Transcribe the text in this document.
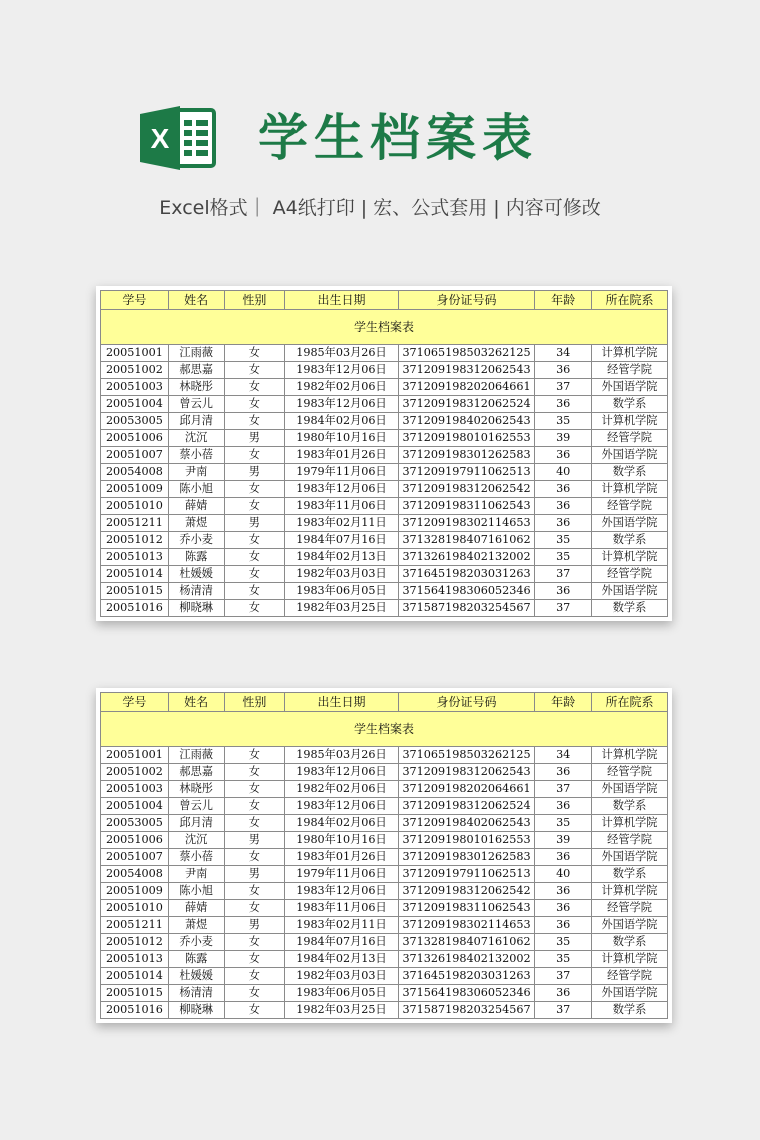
X 学生档案表
Excel格式｜ A4纸打印 | 宏、公式套用 | 内容可修改
学生档案表						
学号	姓名	性别	出生日期	身份证号码	年龄	所在院系
20051001	江雨薇	女	1985年03月26日	371065198503262125	34	计算机学院
20051002	郝思嘉	女	1983年12月06日	371209198312062543	36	经管学院
20051003	林晓彤	女	1982年02月06日	371209198202064661	37	外国语学院
20051004	曾云儿	女	1983年12月06日	371209198312062524	36	数学系
20053005	邱月清	女	1984年02月06日	371209198402062543	35	计算机学院
20051006	沈沉	男	1980年10月16日	371209198010162553	39	经管学院
20051007	蔡小蓓	女	1983年01月26日	371209198301262583	36	外国语学院
20054008	尹南	男	1979年11月06日	371209197911062513	40	数学系
20051009	陈小旭	女	1983年12月06日	371209198312062542	36	计算机学院
20051010	薛婧	女	1983年11月06日	371209198311062543	36	经管学院
20051211	萧煜	男	1983年02月11日	371209198302114653	36	外国语学院
20051012	乔小麦	女	1984年07月16日	371328198407161062	35	数学系
20051013	陈露	女	1984年02月13日	371326198402132002	35	计算机学院
20051014	杜媛媛	女	1982年03月03日	371645198203031263	37	经管学院
20051015	杨清清	女	1983年06月05日	371564198306052346	36	外国语学院
20051016	柳晓琳	女	1982年03月25日	371587198203254567	37	数学系
学生档案表						
学号	姓名	性别	出生日期	身份证号码	年龄	所在院系
20051001	江雨薇	女	1985年03月26日	371065198503262125	34	计算机学院
20051002	郝思嘉	女	1983年12月06日	371209198312062543	36	经管学院
20051003	林晓彤	女	1982年02月06日	371209198202064661	37	外国语学院
20051004	曾云儿	女	1983年12月06日	371209198312062524	36	数学系
20053005	邱月清	女	1984年02月06日	371209198402062543	35	计算机学院
20051006	沈沉	男	1980年10月16日	371209198010162553	39	经管学院
20051007	蔡小蓓	女	1983年01月26日	371209198301262583	36	外国语学院
20054008	尹南	男	1979年11月06日	371209197911062513	40	数学系
20051009	陈小旭	女	1983年12月06日	371209198312062542	36	计算机学院
20051010	薛婧	女	1983年11月06日	371209198311062543	36	经管学院
20051211	萧煜	男	1983年02月11日	371209198302114653	36	外国语学院
20051012	乔小麦	女	1984年07月16日	371328198407161062	35	数学系
20051013	陈露	女	1984年02月13日	371326198402132002	35	计算机学院
20051014	杜媛媛	女	1982年03月03日	371645198203031263	37	经管学院
20051015	杨清清	女	1983年06月05日	371564198306052346	36	外国语学院
20051016	柳晓琳	女	1982年03月25日	371587198203254567	37	数学系
